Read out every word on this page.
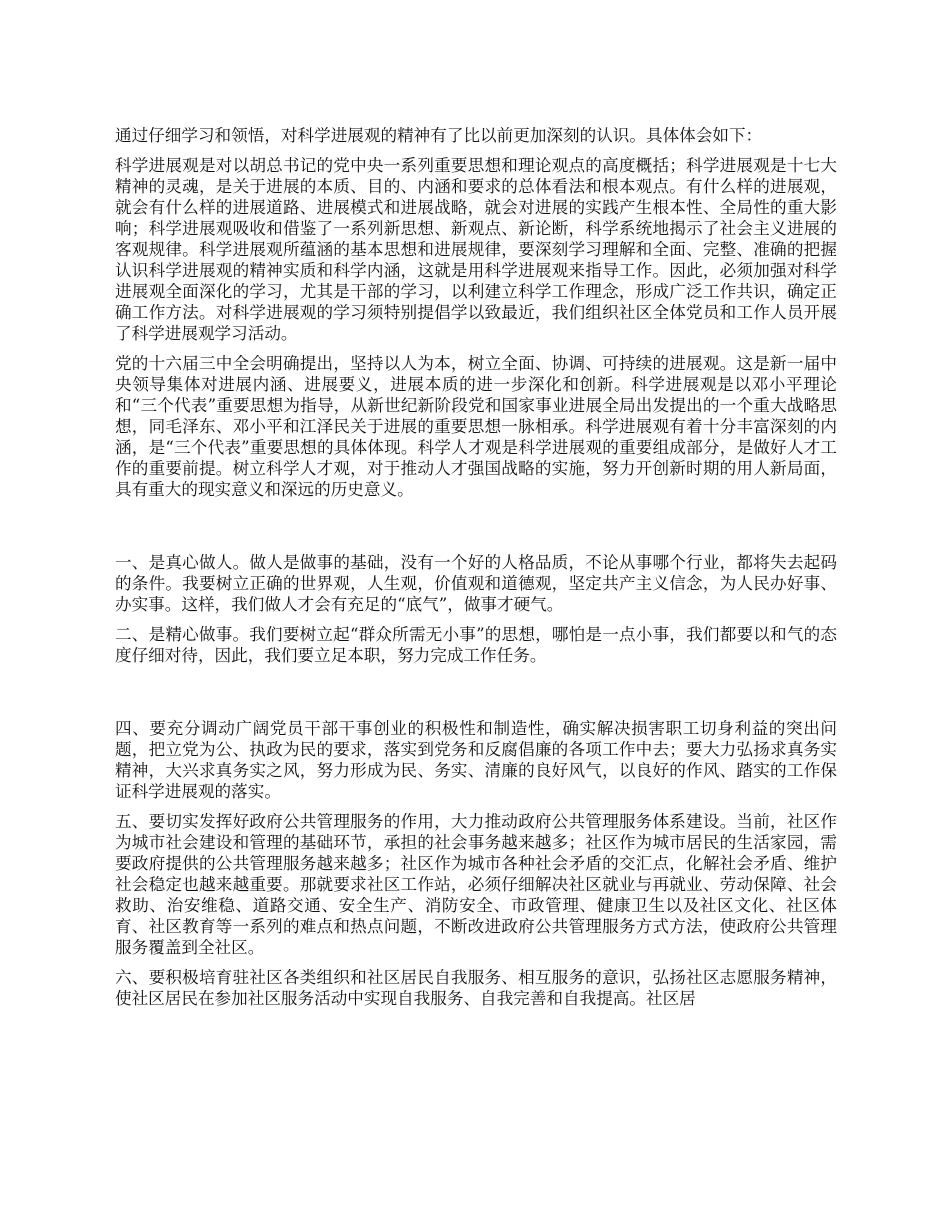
通过仔细学习和领悟，对科学进展观的精神有了比以前更加深刻的认识。具体体会如下：

科学进展观是对以胡总书记的党中央一系列重要思想和理论观点的高度概括；科学进展观是十七大精神的灵魂，是关于进展的本质、目的、内涵和要求的总体看法和根本观点。有什么样的进展观，就会有什么样的进展道路、进展模式和进展战略，就会对进展的实践产生根本性、全局性的重大影响；科学进展观吸收和借鉴了一系列新思想、新观点、新论断，科学系统地揭示了社会主义进展的客观规律。科学进展观所蕴涵的基本思想和进展规律，要深刻学习理解和全面、完整、准确的把握认识科学进展观的精神实质和科学内涵，这就是用科学进展观来指导工作。因此，必须加强对科学进展观全面深化的学习，尤其是干部的学习，以利建立科学工作理念，形成广泛工作共识，确定正确工作方法。对科学进展观的学习须特别提倡学以致最近，我们组织社区全体党员和工作人员开展了科学进展观学习活动。

党的十六届三中全会明确提出，坚持以人为本，树立全面、协调、可持续的进展观。这是新一届中央领导集体对进展内涵、进展要义，进展本质的进一步深化和创新。科学进展观是以邓小平理论和“三个代表”重要思想为指导，从新世纪新阶段党和国家事业进展全局出发提出的一个重大战略思想，同毛泽东、邓小平和江泽民关于进展的重要思想一脉相承。科学进展观有着十分丰富深刻的内涵，是“三个代表”重要思想的具体体现。科学人才观是科学进展观的重要组成部分，是做好人才工作的重要前提。树立科学人才观，对于推动人才强国战略的实施，努力开创新时期的用人新局面，具有重大的现实意义和深远的历史意义。

一、是真心做人。做人是做事的基础，没有一个好的人格品质，不论从事哪个行业，都将失去起码的条件。我要树立正确的世界观，人生观，价值观和道德观，坚定共产主义信念，为人民办好事、办实事。这样，我们做人才会有充足的“底气”，做事才硬气。

二、是精心做事。我们要树立起“群众所需无小事”的思想，哪怕是一点小事，我们都要以和气的态度仔细对待，因此，我们要立足本职，努力完成工作任务。

四、要充分调动广阔党员干部干事创业的积极性和制造性，确实解决损害职工切身利益的突出问题，把立党为公、执政为民的要求，落实到党务和反腐倡廉的各项工作中去；要大力弘扬求真务实精神，大兴求真务实之风，努力形成为民、务实、清廉的良好风气，以良好的作风、踏实的工作保证科学进展观的落实。

五、要切实发挥好政府公共管理服务的作用，大力推动政府公共管理服务体系建设。当前，社区作为城市社会建设和管理的基础环节，承担的社会事务越来越多；社区作为城市居民的生活家园，需要政府提供的公共管理服务越来越多；社区作为城市各种社会矛盾的交汇点，化解社会矛盾、维护社会稳定也越来越重要。那就要求社区工作站，必须仔细解决社区就业与再就业、劳动保障、社会救助、治安维稳、道路交通、安全生产、消防安全、市政管理、健康卫生以及社区文化、社区体育、社区教育等一系列的难点和热点问题，不断改进政府公共管理服务方式方法，使政府公共管理服务覆盖到全社区。

六、要积极培育驻社区各类组织和社区居民自我服务、相互服务的意识，弘扬社区志愿服务精神，使社区居民在参加社区服务活动中实现自我服务、自我完善和自我提高。社区居
